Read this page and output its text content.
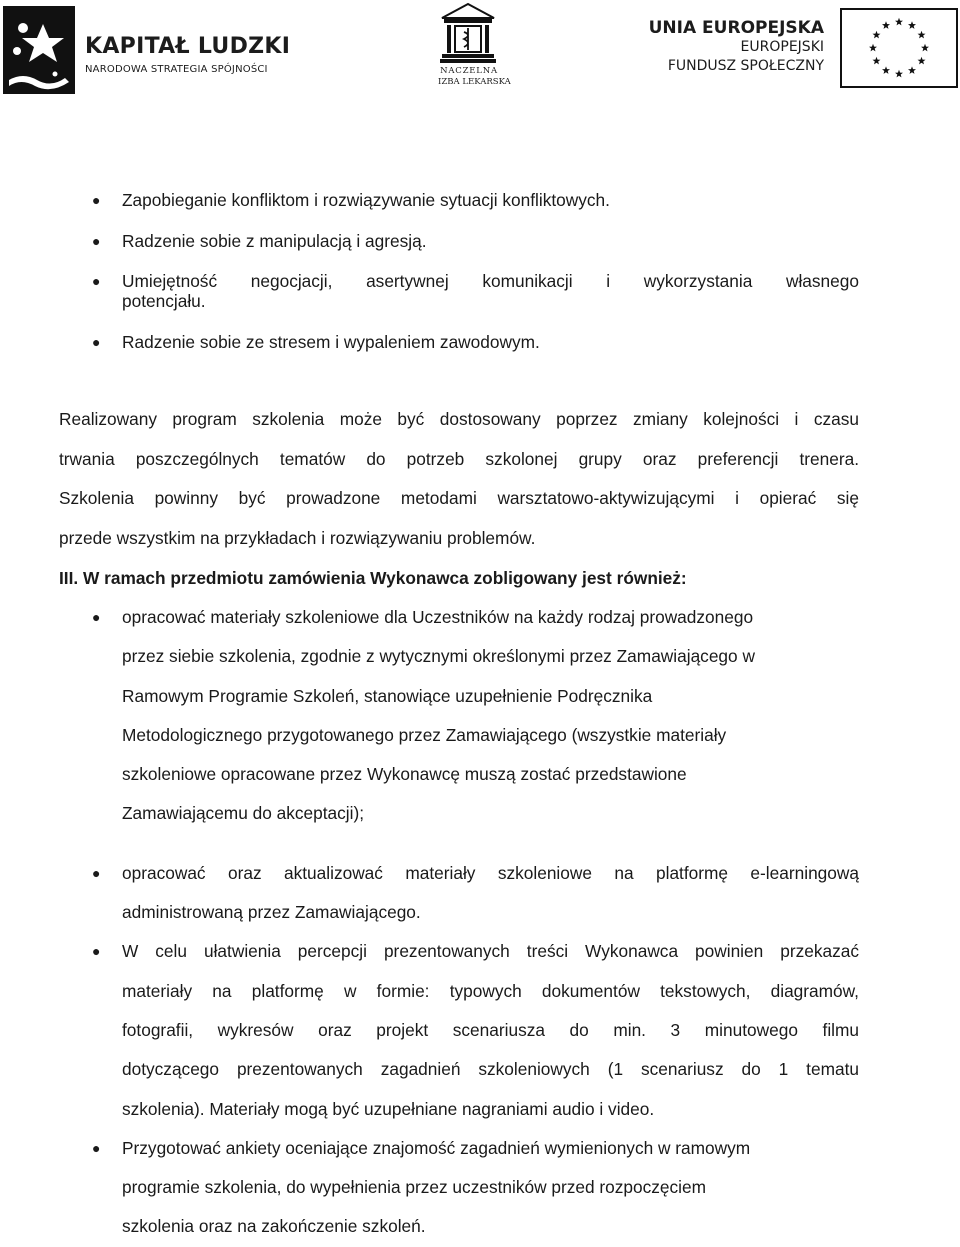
KAPITAŁ LUDZKI
NARODOWA STRATEGIA SPÓJNOŚCI	NACZELNA
IZBA LEKARSKA
UNIA EUROPEJSKA
EUROPEJSKI
FUNDUSZ SPOŁECZNY
● Zapobieganie konfliktom i rozwiązywanie sytuacji konfliktowych.
● Radzenie sobie z manipulacją i agresją.
● Umiejętność negocjacji, asertywnej komunikacji i wykorzystania własnego
potencjału.
● Radzenie sobie ze stresem i wypaleniem zawodowym.
Realizowany program szkolenia może być dostosowany poprzez zmiany kolejności i czasu
trwania poszczególnych tematów do potrzeb szkolonej grupy oraz preferencji trenera.
Szkolenia powinny być prowadzone metodami warsztatowo-aktywizującymi i opierać się
przede wszystkim na przykładach i rozwiązywaniu problemów.
III. W ramach przedmiotu zamówienia Wykonawca zobligowany jest również:
● opracować materiały szkoleniowe dla Uczestników na każdy rodzaj prowadzonego
przez siebie szkolenia, zgodnie z wytycznymi określonymi przez Zamawiającego w
Ramowym Programie Szkoleń, stanowiące uzupełnienie Podręcznika
Metodologicznego przygotowanego przez Zamawiającego (wszystkie materiały
szkoleniowe opracowane przez Wykonawcę muszą zostać przedstawione
Zamawiającemu do akceptacji);
● opracować oraz aktualizować materiały szkoleniowe na platformę e-learningową
administrowaną przez Zamawiającego.
● W celu ułatwienia percepcji prezentowanych treści Wykonawca powinien przekazać
materiały na platformę w formie: typowych dokumentów tekstowych, diagramów,
fotografii, wykresów oraz projekt scenariusza do min. 3 minutowego filmu
dotyczącego prezentowanych zagadnień szkoleniowych (1 scenariusz do 1 tematu
szkolenia). Materiały mogą być uzupełniane nagraniami audio i video.
● Przygotować ankiety oceniające znajomość zagadnień wymienionych w ramowym
programie szkolenia, do wypełnienia przez uczestników przed rozpoczęciem
szkolenia oraz na zakończenie szkoleń.
